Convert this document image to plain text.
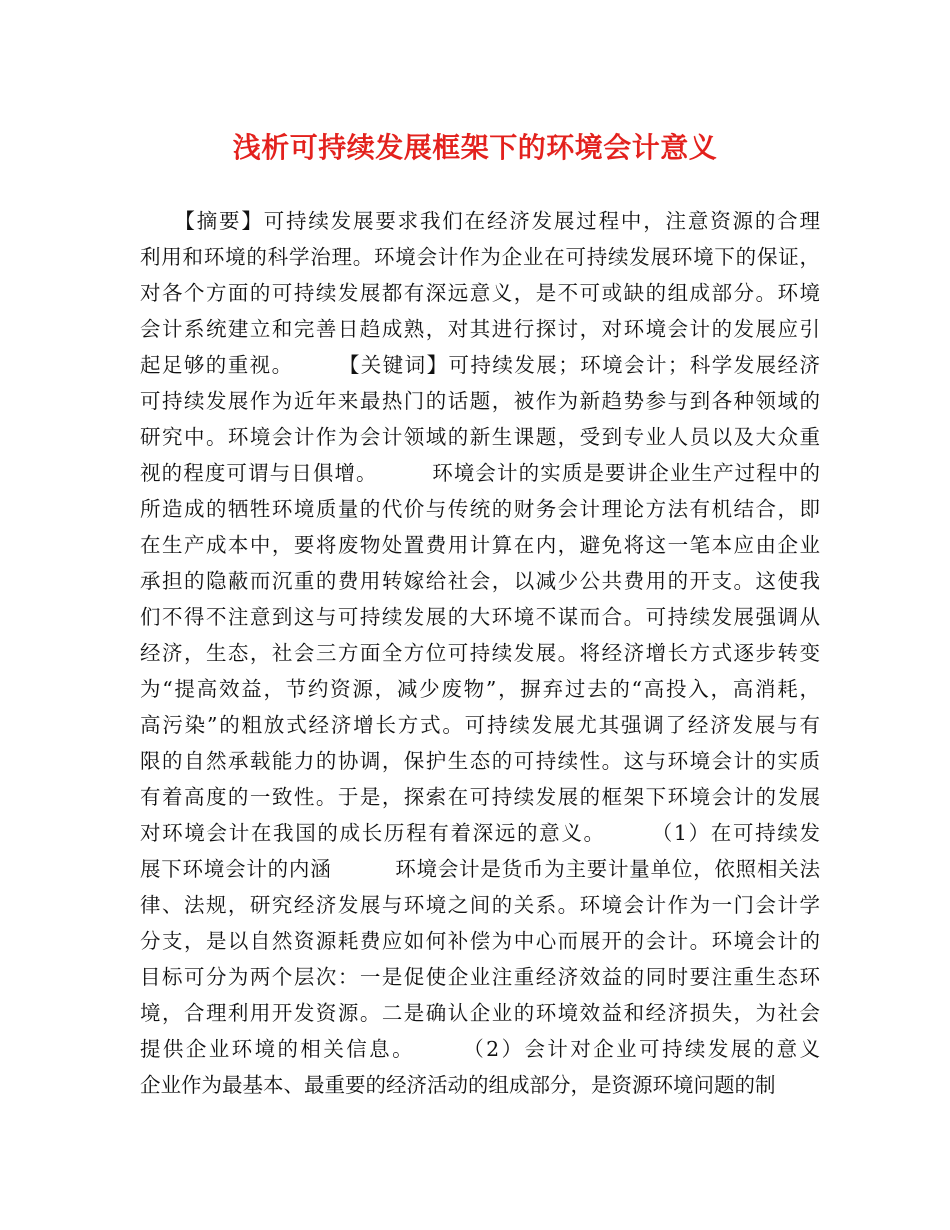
浅析可持续发展框架下的环境会计意义
　　【摘要】可持续发展要求我们在经济发展过程中，注意资源的合理
利用和环境的科学治理。环境会计作为企业在可持续发展环境下的保证，
对各个方面的可持续发展都有深远意义，是不可或缺的组成部分。环境
会计系统建立和完善日趋成熟，对其进行探讨，对环境会计的发展应引
起足够的重视。　　　【关键词】可持续发展；环境会计；科学发展经济
可持续发展作为近年来最热门的话题，被作为新趋势参与到各种领域的
研究中。环境会计作为会计领域的新生课题，受到专业人员以及大众重
视的程度可谓与日俱增。　　　环境会计的实质是要讲企业生产过程中的
所造成的牺牲环境质量的代价与传统的财务会计理论方法有机结合，即
在生产成本中，要将废物处置费用计算在内，避免将这一笔本应由企业
承担的隐蔽而沉重的费用转嫁给社会，以减少公共费用的开支。这使我
们不得不注意到这与可持续发展的大环境不谋而合。可持续发展强调从
经济，生态，社会三方面全方位可持续发展。将经济增长方式逐步转变
为“提高效益，节约资源，减少废物”，摒弃过去的“高投入，高消耗，
高污染”的粗放式经济增长方式。可持续发展尤其强调了经济发展与有
限的自然承载能力的协调，保护生态的可持续性。这与环境会计的实质
有着高度的一致性。于是，探索在可持续发展的框架下环境会计的发展
对环境会计在我国的成长历程有着深远的意义。　　　（1）在可持续发
展下环境会计的内涵　　　环境会计是货币为主要计量单位，依照相关法
律、法规，研究经济发展与环境之间的关系。环境会计作为一门会计学
分支，是以自然资源耗费应如何补偿为中心而展开的会计。环境会计的
目标可分为两个层次：一是促使企业注重经济效益的同时要注重生态环
境，合理利用开发资源。二是确认企业的环境效益和经济损失，为社会
提供企业环境的相关信息。　　　（2）会计对企业可持续发展的意义
企业作为最基本、最重要的经济活动的组成部分，是资源环境问题的制
